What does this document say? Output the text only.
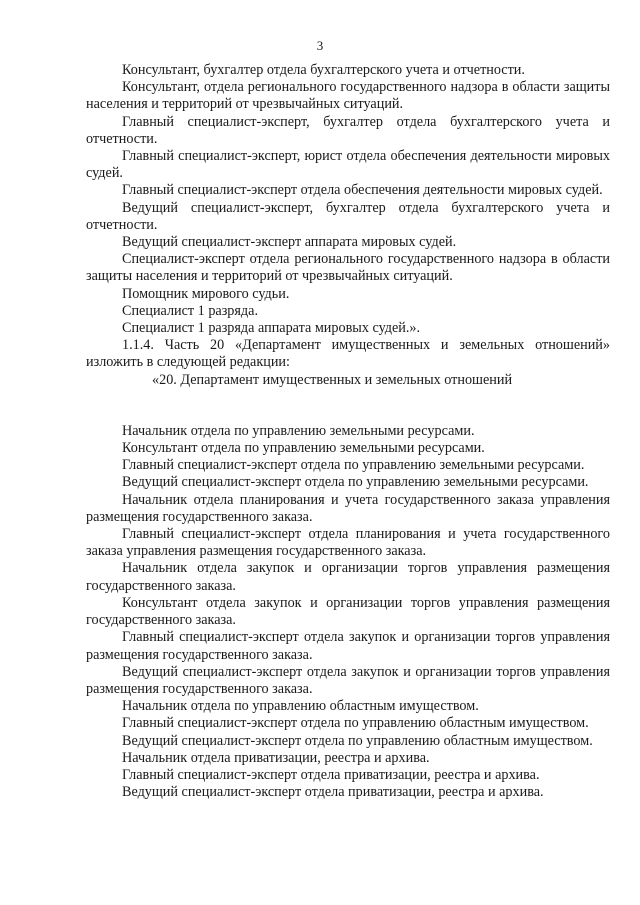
3

Консультант, бухгалтер отдела бухгалтерского учета и отчетности.

Консультант, отдела регионального государственного надзора в области защиты населения и территорий от чрезвычайных ситуаций.

Главный специалист-эксперт, бухгалтер отдела бухгалтерского учета и отчетности.

Главный специалист-эксперт, юрист отдела обеспечения деятельности мировых судей.

Главный специалист-эксперт отдела обеспечения деятельности мировых судей.

Ведущий специалист-эксперт, бухгалтер отдела бухгалтерского учета и отчетности.

Ведущий специалист-эксперт аппарата мировых судей.

Специалист-эксперт отдела регионального государственного надзора в области защиты населения и территорий от чрезвычайных ситуаций.

Помощник мирового судьи.

Специалист 1 разряда.

Специалист 1 разряда аппарата мировых судей.».

1.1.4. Часть 20 «Департамент имущественных и земельных отношений» изложить в следующей редакции:

«20. Департамент имущественных и земельных отношений

Начальник отдела по управлению земельными ресурсами.

Консультант отдела по управлению земельными ресурсами.

Главный специалист-эксперт отдела по управлению земельными ресурсами.

Ведущий специалист-эксперт отдела по управлению земельными ресурсами.

Начальник отдела планирования и учета государственного заказа управления размещения государственного заказа.

Главный специалист-эксперт отдела планирования и учета государственного заказа управления размещения государственного заказа.

Начальник отдела закупок и организации торгов управления размещения государственного заказа.

Консультант отдела закупок и организации торгов управления размещения государственного заказа.

Главный специалист-эксперт отдела закупок и организации торгов управления размещения государственного заказа.

Ведущий специалист-эксперт отдела закупок и организации торгов управления размещения государственного заказа.

Начальник отдела по управлению областным имуществом.

Главный специалист-эксперт отдела по управлению областным имуществом.

Ведущий специалист-эксперт отдела по управлению областным имуществом.

Начальник отдела приватизации, реестра и архива.

Главный специалист-эксперт отдела приватизации, реестра и архива.

Ведущий специалист-эксперт отдела приватизации, реестра и архива.
